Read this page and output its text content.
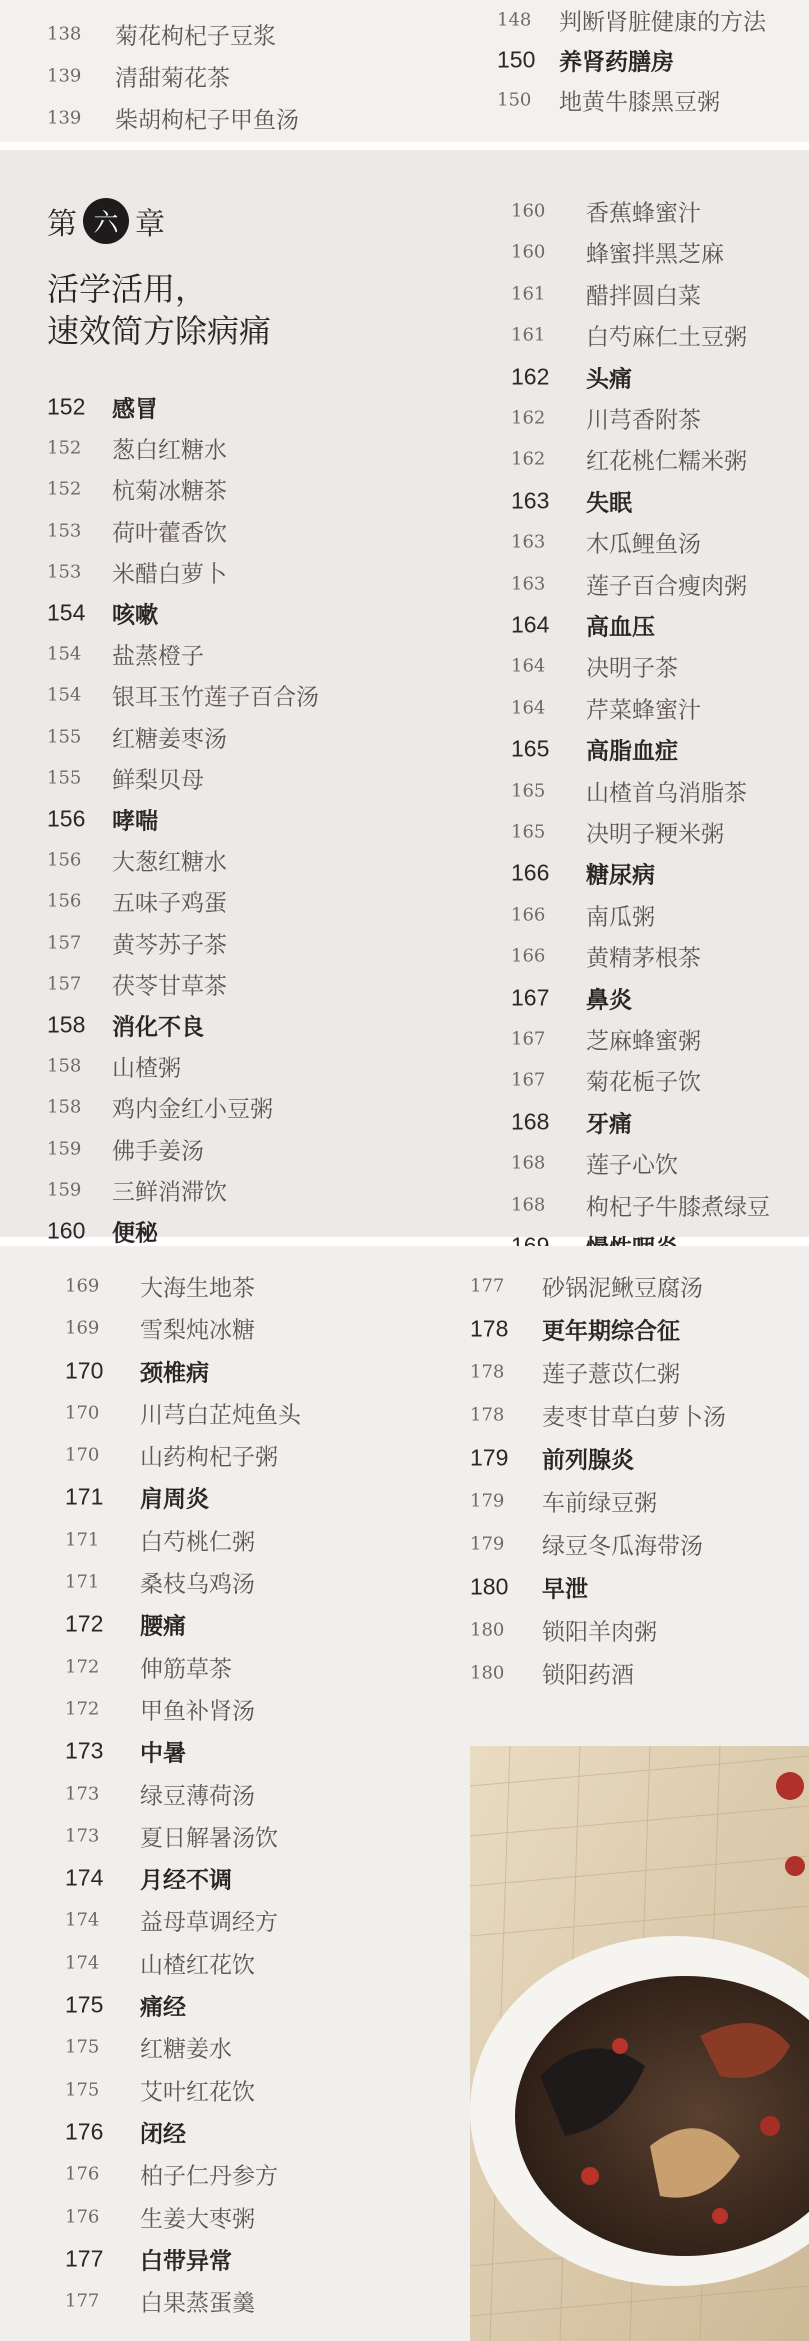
138 菊花枸杞子豆浆
139 清甜菊花茶
139 柴胡枸杞子甲鱼汤
148 判断肾脏健康的方法
150 养肾药膳房
150 地黄牛膝黑豆粥
第 六 章
活学活用，
速效简方除病痛
152 感冒
152 葱白红糖水
152 杭菊冰糖茶
153 荷叶藿香饮
153 米醋白萝卜
154 咳嗽
154 盐蒸橙子
154 银耳玉竹莲子百合汤
155 红糖姜枣汤
155 鲜梨贝母
156 哮喘
156 大葱红糖水
156 五味子鸡蛋
157 黄芩苏子茶
157 茯苓甘草茶
158 消化不良
158 山楂粥
158 鸡内金红小豆粥
159 佛手姜汤
159 三鲜消滞饮
160 便秘
160 香蕉蜂蜜汁
160 蜂蜜拌黑芝麻
161 醋拌圆白菜
161 白芍麻仁土豆粥
162 头痛
162 川芎香附茶
162 红花桃仁糯米粥
163 失眠
163 木瓜鲤鱼汤
163 莲子百合瘦肉粥
164 高血压
164 决明子茶
164 芹菜蜂蜜汁
165 高脂血症
165 山楂首乌消脂茶
165 决明子粳米粥
166 糖尿病
166 南瓜粥
166 黄精茅根茶
167 鼻炎
167 芝麻蜂蜜粥
167 菊花栀子饮
168 牙痛
168 莲子心饮
168 枸杞子牛膝煮绿豆
169 大海生地茶
169 雪梨炖冰糖
170 颈椎病
170 川芎白芷炖鱼头
170 山药枸杞子粥
171 肩周炎
171 白芍桃仁粥
171 桑枝乌鸡汤
172 腰痛
172 伸筋草茶
172 甲鱼补肾汤
173 中暑
173 绿豆薄荷汤
173 夏日解暑汤饮
174 月经不调
174 益母草调经方
174 山楂红花饮
175 痛经
175 红糖姜水
175 艾叶红花饮
176 闭经
176 柏子仁丹参方
176 生姜大枣粥
177 白带异常
177 白果蒸蛋羹
177 砂锅泥鳅豆腐汤
178 更年期综合征
178 莲子薏苡仁粥
178 麦枣甘草白萝卜汤
179 前列腺炎
179 车前绿豆粥
179 绿豆冬瓜海带汤
180 早泄
180 锁阳羊肉粥
180 锁阳药酒
